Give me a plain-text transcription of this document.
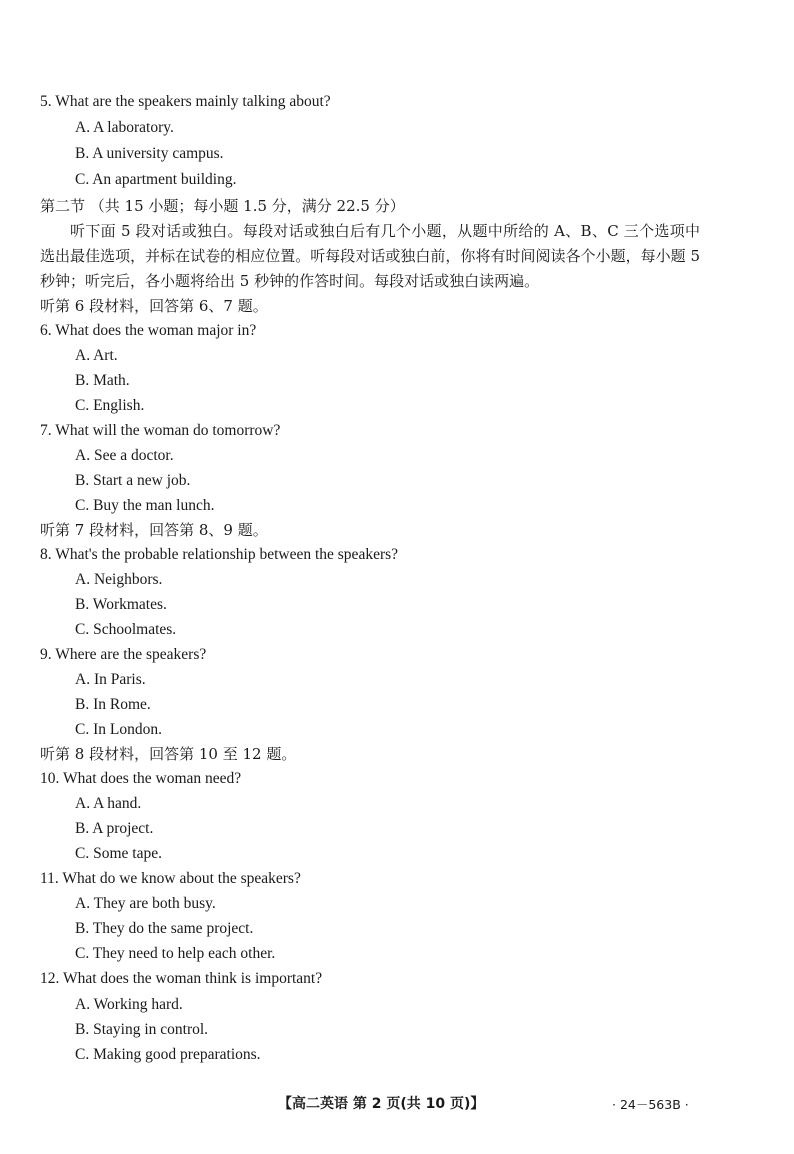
5. What are the speakers mainly talking about?
A. A laboratory.
B. A university campus.
C. An apartment building.
第二节 （共 15 小题；每小题 1.5 分，满分 22.5 分）
听下面 5 段对话或独白。每段对话或独白后有几个小题，从题中所给的 A、B、C 三个选项中选出最佳选项，并标在试卷的相应位置。听每段对话或独白前，你将有时间阅读各个小题，每小题 5 秒钟；听完后，各小题将给出 5 秒钟的作答时间。每段对话或独白读两遍。
听第 6 段材料，回答第 6、7 题。
6. What does the woman major in?
A. Art.
B. Math.
C. English.
7. What will the woman do tomorrow?
A. See a doctor.
B. Start a new job.
C. Buy the man lunch.
听第 7 段材料，回答第 8、9 题。
8. What's the probable relationship between the speakers?
A. Neighbors.
B. Workmates.
C. Schoolmates.
9. Where are the speakers?
A. In Paris.
B. In Rome.
C. In London.
听第 8 段材料，回答第 10 至 12 题。
10. What does the woman need?
A. A hand.
B. A project.
C. Some tape.
11. What do we know about the speakers?
A. They are both busy.
B. They do the same project.
C. They need to help each other.
12. What does the woman think is important?
A. Working hard.
B. Staying in control.
C. Making good preparations.
【高二英语 第 2 页(共 10 页)】	· 24－563B ·
